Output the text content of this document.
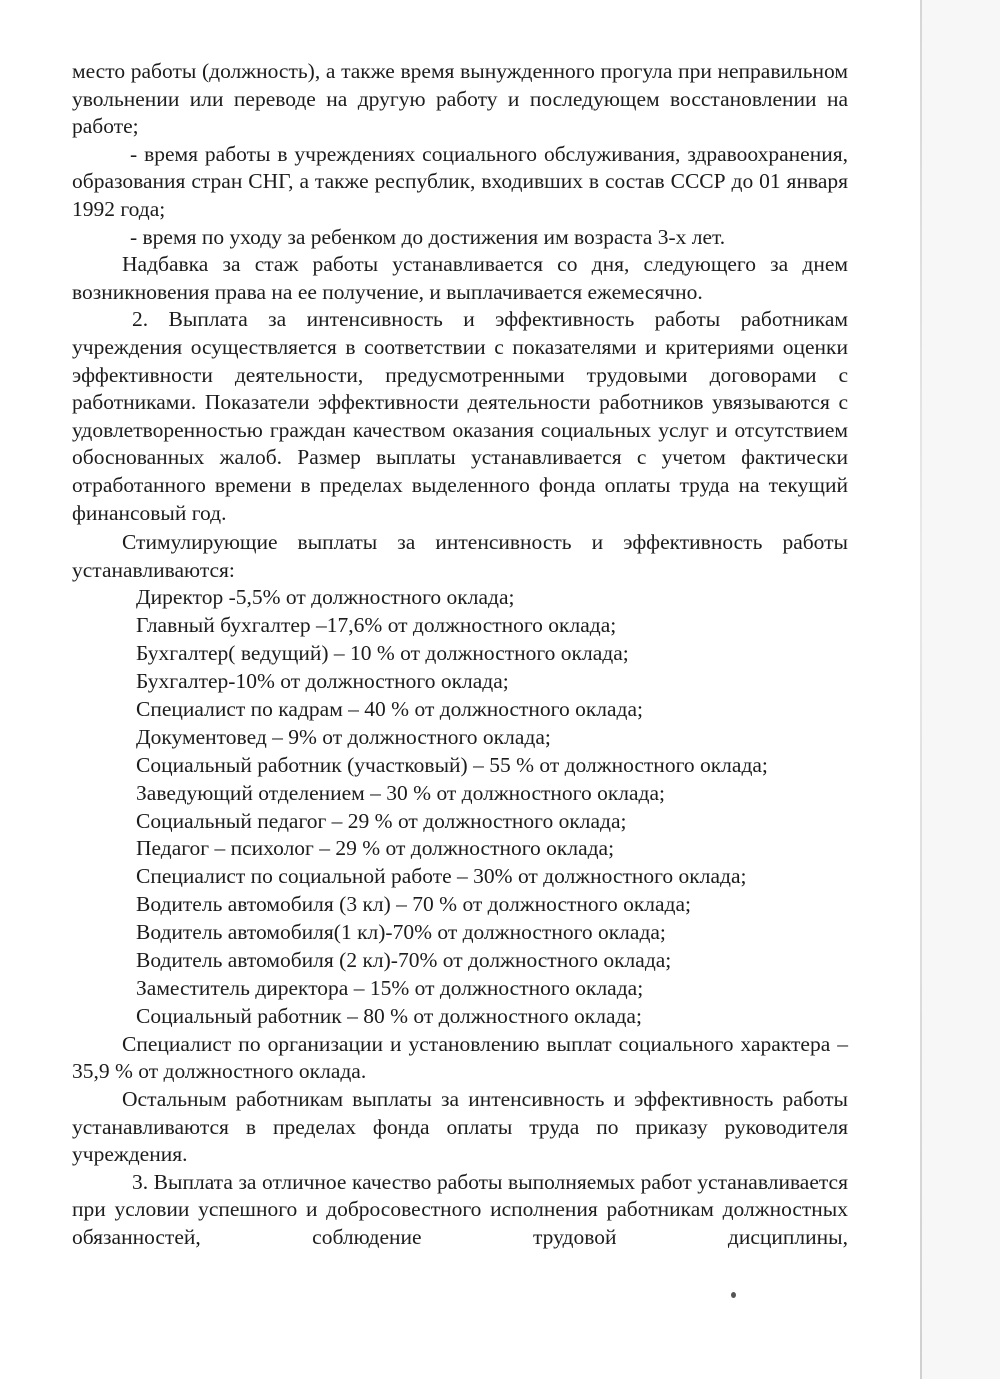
место работы (должность), а также время вынужденного прогула при неправильном увольнении или переводе на другую работу и последующем восстановлении на работе;

- время работы в учреждениях социального обслуживания, здравоохранения, образования стран СНГ, а также республик, входивших в состав СССР до 01 января 1992 года;

- время по уходу за ребенком до достижения им возраста 3-х лет.

Надбавка за стаж работы устанавливается со дня, следующего за днем возникновения права на ее получение, и выплачивается ежемесячно.

2. Выплата за интенсивность и эффективность работы работникам учреждения осуществляется в соответствии с показателями и критериями оценки эффективности деятельности, предусмотренными трудовыми договорами с работниками. Показатели эффективности деятельности работников увязываются с удовлетворенностью граждан качеством оказания социальных услуг и отсутствием обоснованных жалоб. Размер выплаты устанавливается с учетом фактически отработанного времени в пределах выделенного фонда оплаты труда на текущий финансовый год.

Стимулирующие выплаты за интенсивность и эффективность работы устанавливаются:

Директор -5,5% от должностного оклада;

Главный бухгалтер –17,6% от должностного оклада;

Бухгалтер( ведущий) – 10 % от должностного оклада;

Бухгалтер-10% от должностного оклада;

Специалист по кадрам – 40 % от должностного оклада;

Документовед – 9% от должностного оклада;

Социальный работник (участковый) – 55 % от должностного оклада;

Заведующий отделением – 30 % от должностного оклада;

Социальный педагог – 29 % от должностного оклада;

Педагог – психолог – 29 % от должностного оклада;

Специалист по социальной работе – 30% от должностного оклада;

Водитель автомобиля (3 кл) – 70 % от должностного оклада;

Водитель автомобиля(1 кл)-70% от должностного оклада;

Водитель автомобиля (2 кл)-70% от должностного оклада;

Заместитель директора – 15% от должностного оклада;

Социальный работник – 80 % от должностного оклада;

Специалист по организации и установлению выплат социального характера – 35,9 % от должностного оклада.

Остальным работникам выплаты за интенсивность и эффективность работы устанавливаются в пределах фонда оплаты труда по приказу руководителя учреждения.

3. Выплата за отличное качество работы выполняемых работ устанавливается при условии успешного и добросовестного исполнения работникам должностных обязанностей, соблюдение трудовой дисциплины,
